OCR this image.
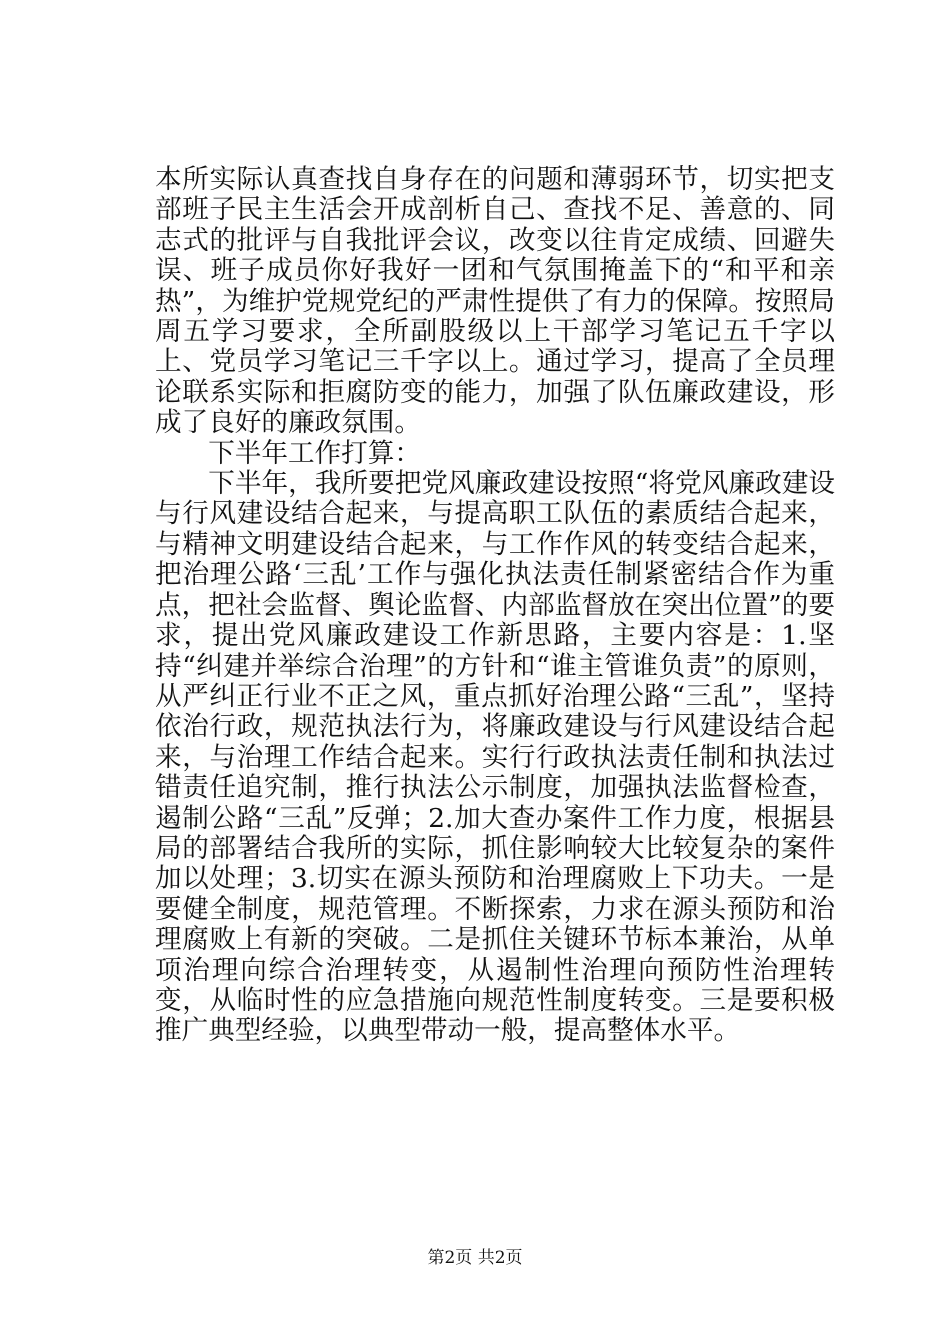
本所实际认真查找自身存在的问题和薄弱环节，切实把支部班子民主生活会开成剖析自己、查找不足、善意的、同志式的批评与自我批评会议，改变以往肯定成绩、回避失误、班子成员你好我好一团和气氛围掩盖下的“和平和亲热”，为维护党规党纪的严肃性提供了有力的保障。按照局周五学习要求，全所副股级以上干部学习笔记五千字以上、党员学习笔记三千字以上。通过学习，提高了全员理论联系实际和拒腐防变的能力，加强了队伍廉政建设，形成了良好的廉政氛围。

下半年工作打算：

下半年，我所要把党风廉政建设按照“将党风廉政建设与行风建设结合起来，与提高职工队伍的素质结合起来，与精神文明建设结合起来，与工作作风的转变结合起来，把治理公路‘三乱’工作与强化执法责任制紧密结合作为重点，把社会监督、舆论监督、内部监督放在突出位置”的要求，提出党风廉政建设工作新思路，主要内容是：1.坚持“纠建并举综合治理”的方针和“谁主管谁负责”的原则，从严纠正行业不正之风，重点抓好治理公路“三乱”，坚持依治行政，规范执法行为，将廉政建设与行风建设结合起来，与治理工作结合起来。实行行政执法责任制和执法过错责任追究制，推行执法公示制度，加强执法监督检查，遏制公路“三乱”反弹；2.加大查办案件工作力度，根据县局的部署结合我所的实际，抓住影响较大比较复杂的案件加以处理；3.切实在源头预防和治理腐败上下功夫。一是要健全制度，规范管理。不断探索，力求在源头预防和治理腐败上有新的突破。二是抓住关键环节标本兼治，从单项治理向综合治理转变，从遏制性治理向预防性治理转变，从临时性的应急措施向规范性制度转变。三是要积极推广典型经验，以典型带动一般，提高整体水平。

第2页 共2页
